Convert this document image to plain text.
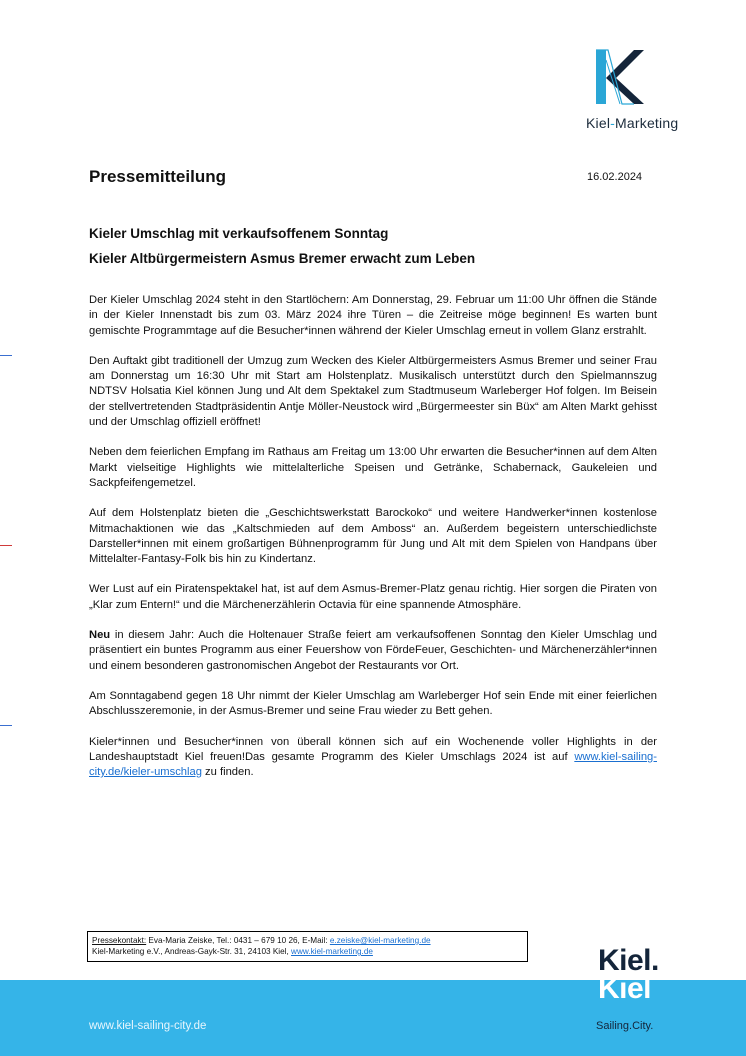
Kiel-Marketing
Pressemitteilung	16.02.2024
Kieler Umschlag mit verkaufsoffenem Sonntag
Kieler Altbürgermeistern Asmus Bremer erwacht zum Leben

Der Kieler Umschlag 2024 steht in den Startlöchern: Am Donnerstag, 29. Februar um 11:00 Uhr öffnen die Stände in der Kieler Innenstadt bis zum 03. März 2024 ihre Türen – die Zeitreise möge beginnen! Es warten bunt gemischte Programmtage auf die Besucher*innen während der Kieler Umschlag erneut in vollem Glanz erstrahlt.

Den Auftakt gibt traditionell der Umzug zum Wecken des Kieler Altbürgermeisters Asmus Bremer und seiner Frau am Donnerstag um 16:30 Uhr mit Start am Holstenplatz. Musikalisch unterstützt durch den Spielmannszug NDTSV Holsatia Kiel können Jung und Alt dem Spektakel zum Stadtmuseum Warleberger Hof folgen. Im Beisein der stellvertretenden Stadtpräsidentin Antje Möller-Neustock wird „Bürgermeester sin Büx“ am Alten Markt gehisst und der Umschlag offiziell eröffnet!

Neben dem feierlichen Empfang im Rathaus am Freitag um 13:00 Uhr erwarten die Besucher*innen auf dem Alten Markt vielseitige Highlights wie mittelalterliche Speisen und Getränke, Schabernack, Gaukeleien und Sackpfeifengemetzel.

Auf dem Holstenplatz bieten die „Geschichtswerkstatt Barockoko“ und weitere Handwerker*innen kostenlose Mitmachaktionen wie das „Kaltschmieden auf dem Amboss“ an. Außerdem begeistern unterschiedlichste Darsteller*innen mit einem großartigen Bühnenprogramm für Jung und Alt mit dem Spielen von Handpans über Mittelalter-Fantasy-Folk bis hin zu Kindertanz.

Wer Lust auf ein Piratenspektakel hat, ist auf dem Asmus-Bremer-Platz genau richtig. Hier sorgen die Piraten von „Klar zum Entern!“ und die Märchenerzählerin Octavia für eine spannende Atmosphäre.

Neu in diesem Jahr: Auch die Holtenauer Straße feiert am verkaufsoffenen Sonntag den Kieler Umschlag und präsentiert ein buntes Programm aus einer Feuershow von FördeFeuer, Geschichten- und Märchenerzähler*innen und einem besonderen gastronomischen Angebot der Restaurants vor Ort.

Am Sonntagabend gegen 18 Uhr nimmt der Kieler Umschlag am Warleberger Hof sein Ende mit einer feierlichen Abschlusszeremonie, in der Asmus-Bremer und seine Frau wieder zu Bett gehen.

Kieler*innen und Besucher*innen von überall können sich auf ein Wochenende voller Highlights in der Landeshauptstadt Kiel freuen!Das gesamte Programm des Kieler Umschlags 2024 ist auf www.kiel-sailing-city.de/kieler-umschlag zu finden.

Pressekontakt: Eva-Maria Zeiske, Tel.: 0431 – 679 10 26, E-Mail: e.zeiske@kiel-marketing.de
Kiel-Marketing e.V., Andreas-Gayk-Str. 31, 24103 Kiel, www.kiel-marketing.de
www.kiel-sailing-city.de
Kiel.
Kiel
Sailing.City.
